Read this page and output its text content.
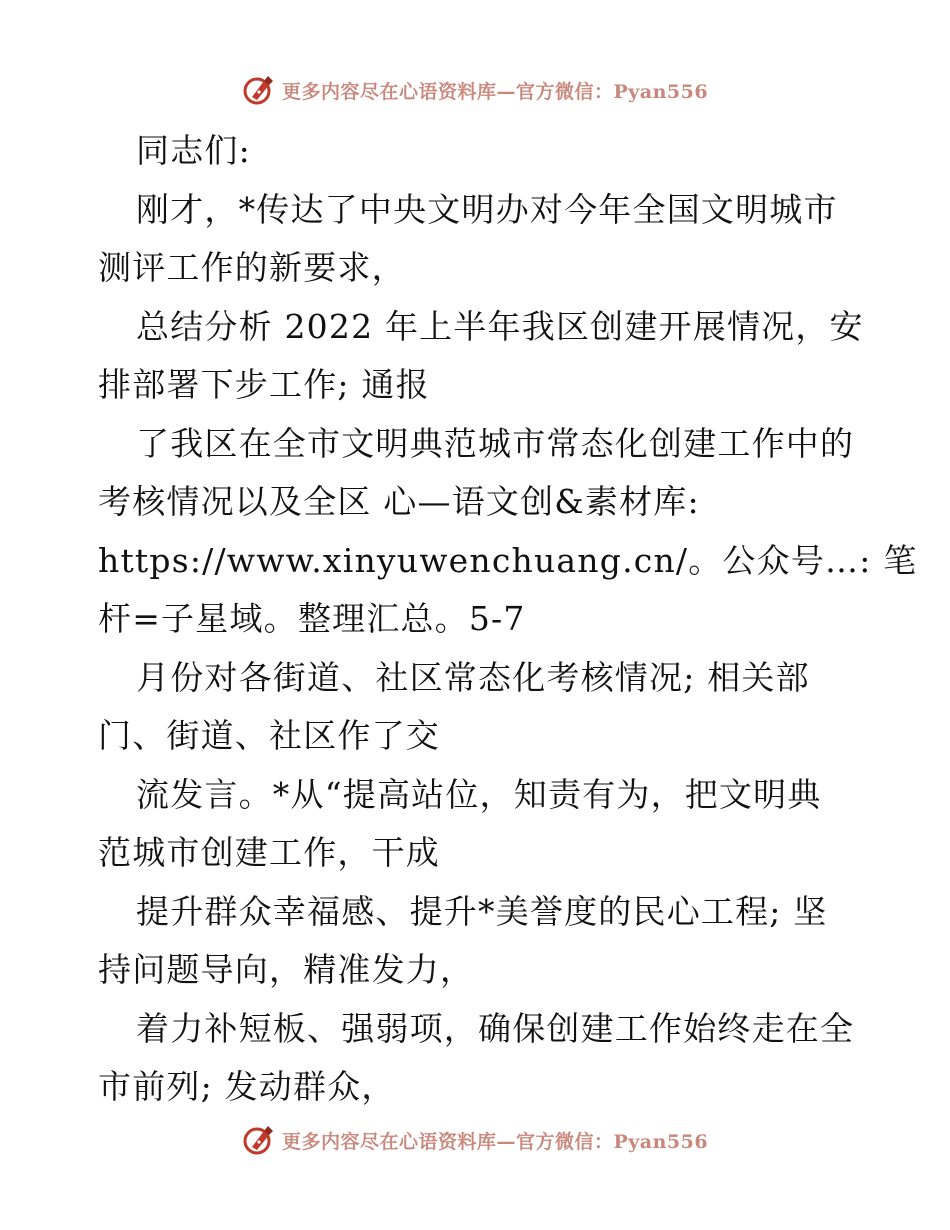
更多内容尽在心语资料库—官方微信：Pyan556
同志们:
刚才，*传达了中央文明办对今年全国文明城市
测评工作的新要求，
总结分析 2022 年上半年我区创建开展情况，安
排部署下步工作; 通报
了我区在全市文明典范城市常态化创建工作中的
考核情况以及全区 心—语文创&素材库:
https://www.xinyuwenchuang.cn/。公众号…: 笔
杆=子星域。整理汇总。5-7
月份对各街道、社区常态化考核情况; 相关部
门、街道、社区作了交
流发言。*从“提高站位，知责有为，把文明典
范城市创建工作，干成
提升群众幸福感、提升*美誉度的民心工程; 坚
持问题导向，精准发力，
着力补短板、强弱项，确保创建工作始终走在全
市前列; 发动群众，
更多内容尽在心语资料库—官方微信：Pyan556
